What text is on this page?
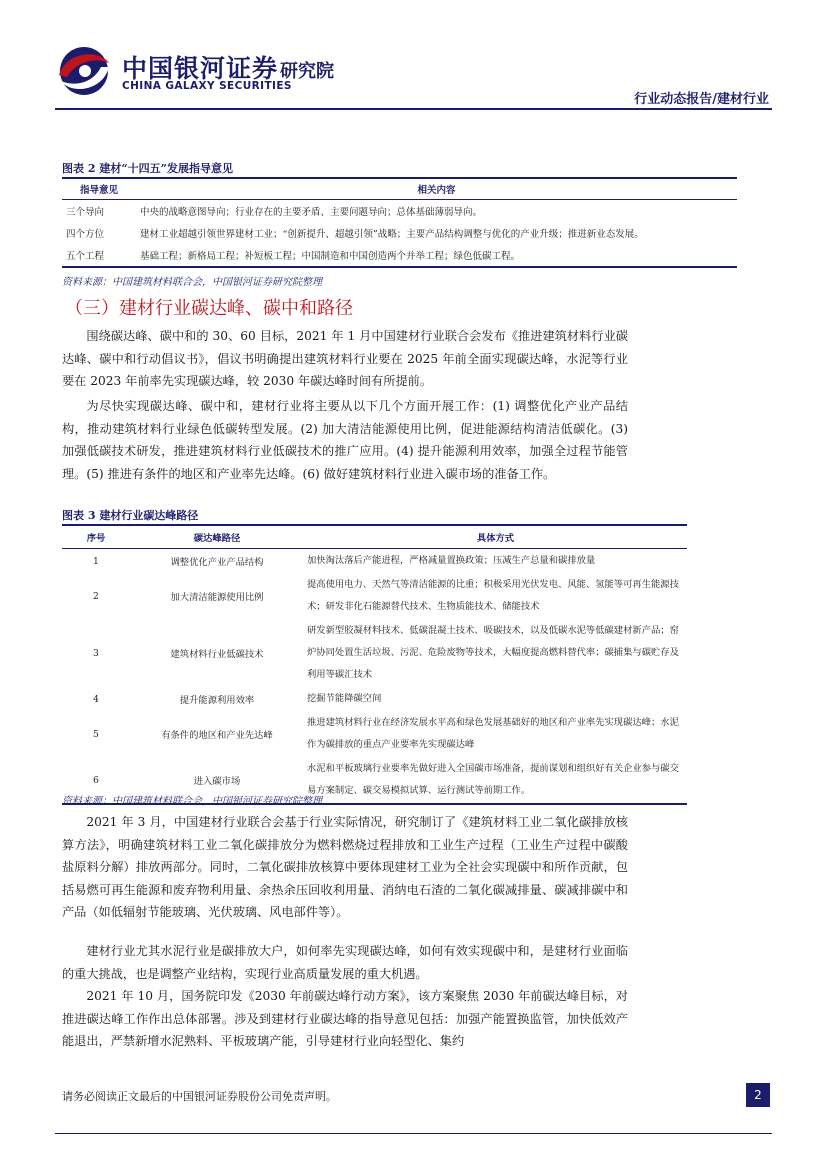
中国银河证券 研究院
CHINA GALAXY SECURITIES
行业动态报告/建材行业
图表 2 建材“十四五”发展指导意见
指导意见	相关内容
三个导向	中央的战略意图导向；行业存在的主要矛盾、主要问题导向；总体基础薄弱导向。
四个方位	建材工业超越引领世界建材工业；“创新提升、超越引领”战略；主要产品结构调整与优化的产业升级；推进新业态发展。
五个工程	基础工程；新格局工程；补短板工程；中国制造和中国创造两个并举工程；绿色低碳工程。
资料来源：中国建筑材料联合会，中国银河证券研究院整理
（三）建材行业碳达峰、碳中和路径

围绕碳达峰、碳中和的 30、60 目标，2021 年 1 月中国建材行业联合会发布《推进建筑材料行业碳达峰、碳中和行动倡议书》，倡议书明确提出建筑材料行业要在 2025 年前全面实现碳达峰，水泥等行业要在 2023 年前率先实现碳达峰，较 2030 年碳达峰时间有所提前。

为尽快实现碳达峰、碳中和，建材行业将主要从以下几个方面开展工作：(1) 调整优化产业产品结构，推动建筑材料行业绿色低碳转型发展。(2) 加大清洁能源使用比例，促进能源结构清洁低碳化。(3) 加强低碳技术研发，推进建筑材料行业低碳技术的推广应用。(4) 提升能源利用效率，加强全过程节能管理。(5) 推进有条件的地区和产业率先达峰。(6) 做好建筑材料行业进入碳市场的准备工作。

图表 3 建材行业碳达峰路径
序号	碳达峰路径	具体方式
1	调整优化产业产品结构	加快淘汰落后产能进程，严格减量置换政策；压减生产总量和碳排放量
2	加大清洁能源使用比例	提高使用电力、天然气等清洁能源的比重；积极采用光伏发电、风能、氢能等可再生能源技术；研发非化石能源替代技术、生物质能技术、储能技术
3	建筑材料行业低碳技术	研发新型胶凝材料技术、低碳混凝土技术、吸碳技术，以及低碳水泥等低碳建材新产品；窑炉协同处置生活垃圾、污泥、危险废物等技术，大幅度提高燃料替代率；碳捕集与碳贮存及利用等碳汇技术
4	提升能源利用效率	挖掘节能降碳空间
5	有条件的地区和产业先达峰	推进建筑材料行业在经济发展水平高和绿色发展基础好的地区和产业率先实现碳达峰；水泥作为碳排放的重点产业要率先实现碳达峰
6	进入碳市场	水泥和平板玻璃行业要率先做好进入全国碳市场准备，提前谋划和组织好有关企业参与碳交易方案制定、碳交易模拟试算、运行测试等前期工作。
资料来源：中国建筑材料联合会，中国银河证券研究院整理

2021 年 3 月，中国建材行业联合会基于行业实际情况，研究制订了《建筑材料工业二氧化碳排放核算方法》，明确建筑材料工业二氧化碳排放分为燃料燃烧过程排放和工业生产过程（工业生产过程中碳酸盐原料分解）排放两部分。同时，二氧化碳排放核算中要体现建材工业为全社会实现碳中和所作贡献，包括易燃可再生能源和废弃物利用量、余热余压回收利用量、消纳电石渣的二氧化碳减排量、碳减排碳中和产品（如低辐射节能玻璃、光伏玻璃、风电部件等）。

建材行业尤其水泥行业是碳排放大户，如何率先实现碳达峰，如何有效实现碳中和，是建材行业面临的重大挑战，也是调整产业结构，实现行业高质量发展的重大机遇。

2021 年 10 月，国务院印发《2030 年前碳达峰行动方案》，该方案聚焦 2030 年前碳达峰目标，对推进碳达峰工作作出总体部署。涉及到建材行业碳达峰的指导意见包括：加强产能置换监管，加快低效产能退出，严禁新增水泥熟料、平板玻璃产能，引导建材行业向轻型化、集约

请务必阅读正文最后的中国银河证券股份公司免责声明。	2
